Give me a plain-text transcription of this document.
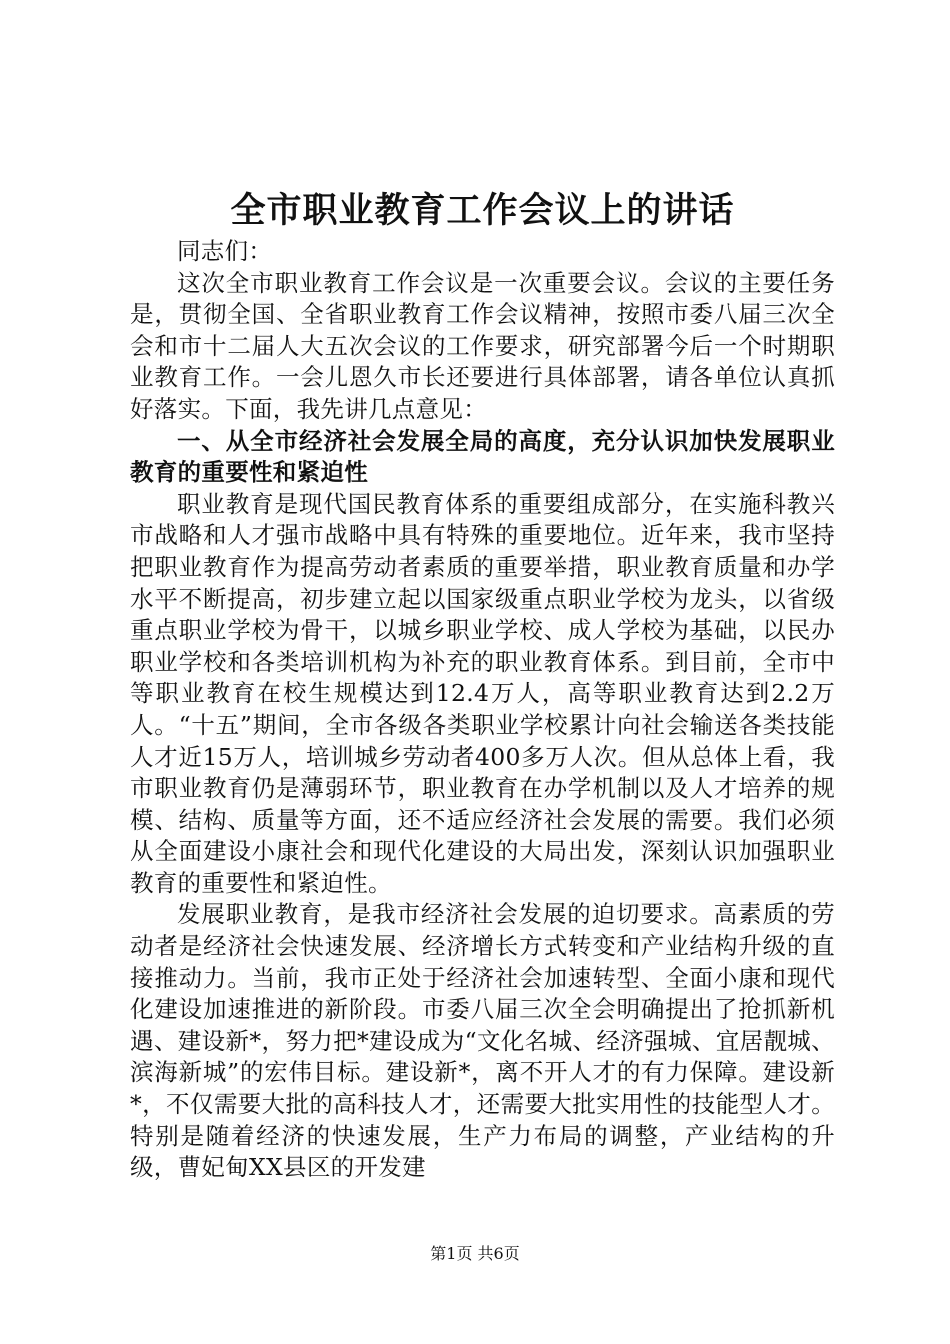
全市职业教育工作会议上的讲话

同志们：

这次全市职业教育工作会议是一次重要会议。会议的主要任务是，贯彻全国、全省职业教育工作会议精神，按照市委八届三次全会和市十二届人大五次会议的工作要求，研究部署今后一个时期职业教育工作。一会儿恩久市长还要进行具体部署，请各单位认真抓好落实。下面，我先讲几点意见：

一、从全市经济社会发展全局的高度，充分认识加快发展职业教育的重要性和紧迫性

职业教育是现代国民教育体系的重要组成部分，在实施科教兴市战略和人才强市战略中具有特殊的重要地位。近年来，我市坚持把职业教育作为提高劳动者素质的重要举措，职业教育质量和办学水平不断提高，初步建立起以国家级重点职业学校为龙头，以省级重点职业学校为骨干，以城乡职业学校、成人学校为基础，以民办职业学校和各类培训机构为补充的职业教育体系。到目前，全市中等职业教育在校生规模达到12.4万人，高等职业教育达到2.2万人。“十五”期间，全市各级各类职业学校累计向社会输送各类技能人才近15万人，培训城乡劳动者400多万人次。但从总体上看，我市职业教育仍是薄弱环节，职业教育在办学机制以及人才培养的规模、结构、质量等方面，还不适应经济社会发展的需要。我们必须从全面建设小康社会和现代化建设的大局出发，深刻认识加强职业教育的重要性和紧迫性。

发展职业教育，是我市经济社会发展的迫切要求。高素质的劳动者是经济社会快速发展、经济增长方式转变和产业结构升级的直接推动力。当前，我市正处于经济社会加速转型、全面小康和现代化建设加速推进的新阶段。市委八届三次全会明确提出了抢抓新机遇、建设新*，努力把*建设成为“文化名城、经济强城、宜居靓城、滨海新城”的宏伟目标。建设新*，离不开人才的有力保障。建设新*，不仅需要大批的高科技人才，还需要大批实用性的技能型人才。特别是随着经济的快速发展，生产力布局的调整，产业结构的升级，曹妃甸XX县区的开发建

第1页 共6页
